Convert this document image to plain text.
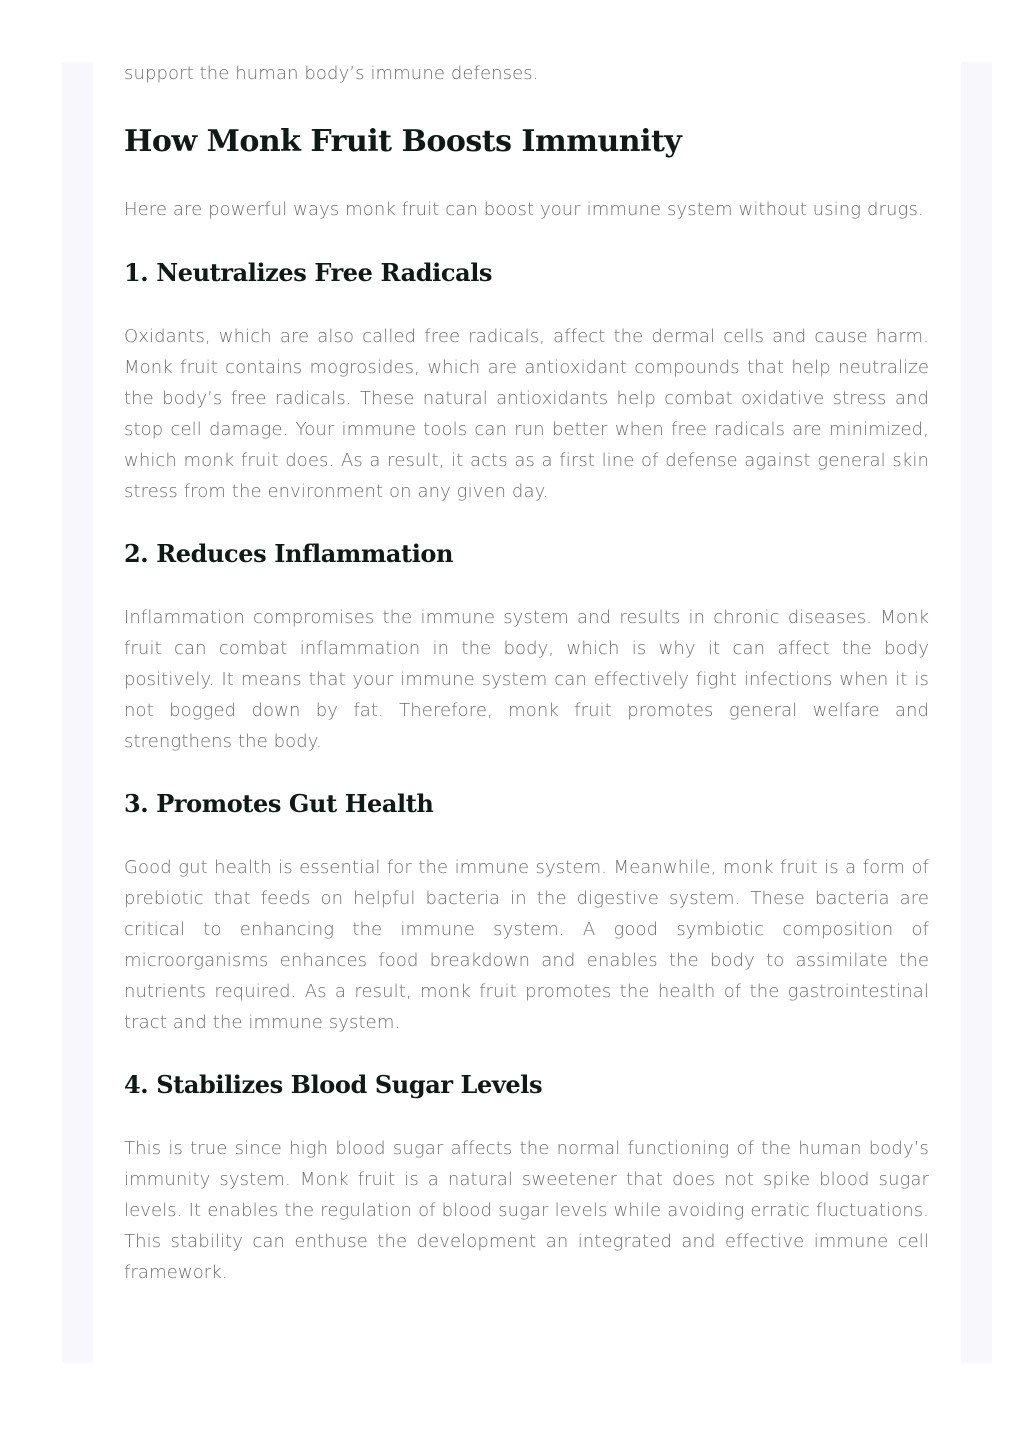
support the human body’s immune defenses.

How Monk Fruit Boosts Immunity

Here are powerful ways monk fruit can boost your immune system without using drugs.

1. Neutralizes Free Radicals

Oxidants, which are also called free radicals, affect the dermal cells and cause harm. Monk fruit contains mogrosides, which are antioxidant compounds that help neutralize the body’s free radicals. These natural antioxidants help combat oxidative stress and stop cell damage. Your immune tools can run better when free radicals are minimized, which monk fruit does. As a result, it acts as a first line of defense against general skin stress from the environment on any given day.

2. Reduces Inflammation

Inflammation compromises the immune system and results in chronic diseases. Monk fruit can combat inflammation in the body, which is why it can affect the body positively. It means that your immune system can effectively fight infections when it is not bogged down by fat. Therefore, monk fruit promotes general welfare and strengthens the body.

3. Promotes Gut Health

Good gut health is essential for the immune system. Meanwhile, monk fruit is a form of prebiotic that feeds on helpful bacteria in the digestive system. These bacteria are critical to enhancing the immune system. A good symbiotic composition of microorganisms enhances food breakdown and enables the body to assimilate the nutrients required. As a result, monk fruit promotes the health of the gastrointestinal tract and the immune system.

4. Stabilizes Blood Sugar Levels

This is true since high blood sugar affects the normal functioning of the human body’s immunity system. Monk fruit is a natural sweetener that does not spike blood sugar levels. It enables the regulation of blood sugar levels while avoiding erratic fluctuations. This stability can enthuse the development an integrated and effective immune cell framework.
